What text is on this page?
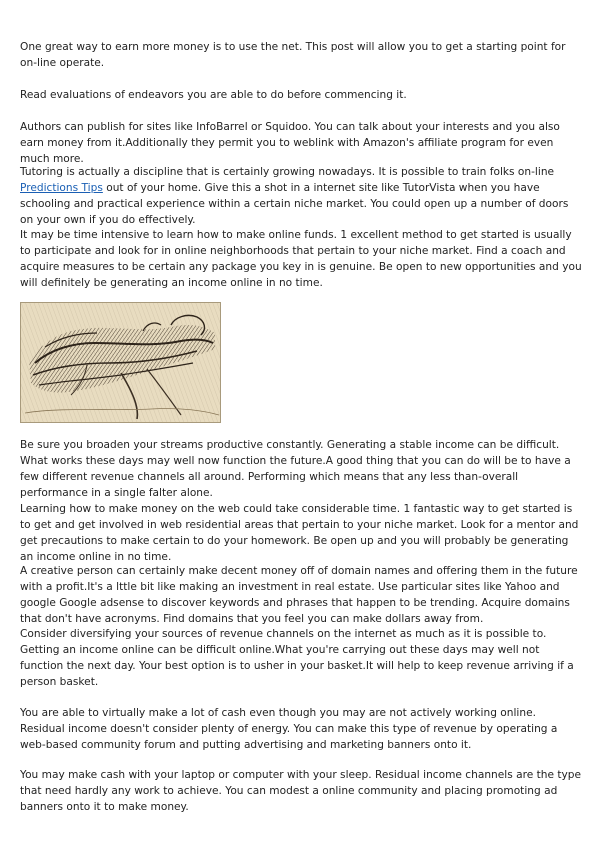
One great way to earn more money is to use the net. This post will allow you to get a starting point for on-line operate.

Read evaluations of endeavors you are able to do before commencing it.

Authors can publish for sites like InfoBarrel or Squidoo. You can talk about your interests and you also earn money from it.Additionally they permit you to weblink with Amazon's affiliate program for even much more.

Tutoring is actually a discipline that is certainly growing nowadays. It is possible to train folks on-line Predictions Tips out of your home. Give this a shot in a internet site like TutorVista when you have schooling and practical experience within a certain niche market. You could open up a number of doors on your own if you do effectively.

It may be time intensive to learn how to make online funds. 1 excellent method to get started is usually to participate and look for in online neighborhoods that pertain to your niche market. Find a coach and acquire measures to be certain any package you key in is genuine. Be open to new opportunities and you will definitely be generating an income online in no time.

Be sure you broaden your streams productive constantly. Generating a stable income can be difficult. What works these days may well now function the future.A good thing that you can do will be to have a few different revenue channels all around. Performing which means that any less than-overall performance in a single falter alone.

Learning how to make money on the web could take considerable time. 1 fantastic way to get started is to get and get involved in web residential areas that pertain to your niche market. Look for a mentor and get precautions to make certain to do your homework. Be open up and you will probably be generating an income online in no time.

A creative person can certainly make decent money off of domain names and offering them in the future with a profit.It's a lttle bit like making an investment in real estate. Use particular sites like Yahoo and google Google adsense to discover keywords and phrases that happen to be trending. Acquire domains that don't have acronyms. Find domains that you feel you can make dollars away from.

Consider diversifying your sources of revenue channels on the internet as much as it is possible to. Getting an income online can be difficult online.What you're carrying out these days may well not function the next day. Your best option is to usher in your basket.It will help to keep revenue arriving if a person basket.

You are able to virtually make a lot of cash even though you may are not actively working online. Residual income doesn't consider plenty of energy. You can make this type of revenue by operating a web-based community forum and putting advertising and marketing banners onto it.

You may make cash with your laptop or computer with your sleep. Residual income channels are the type that need hardly any work to achieve. You can modest a online community and placing promoting ad banners onto it to make money.
